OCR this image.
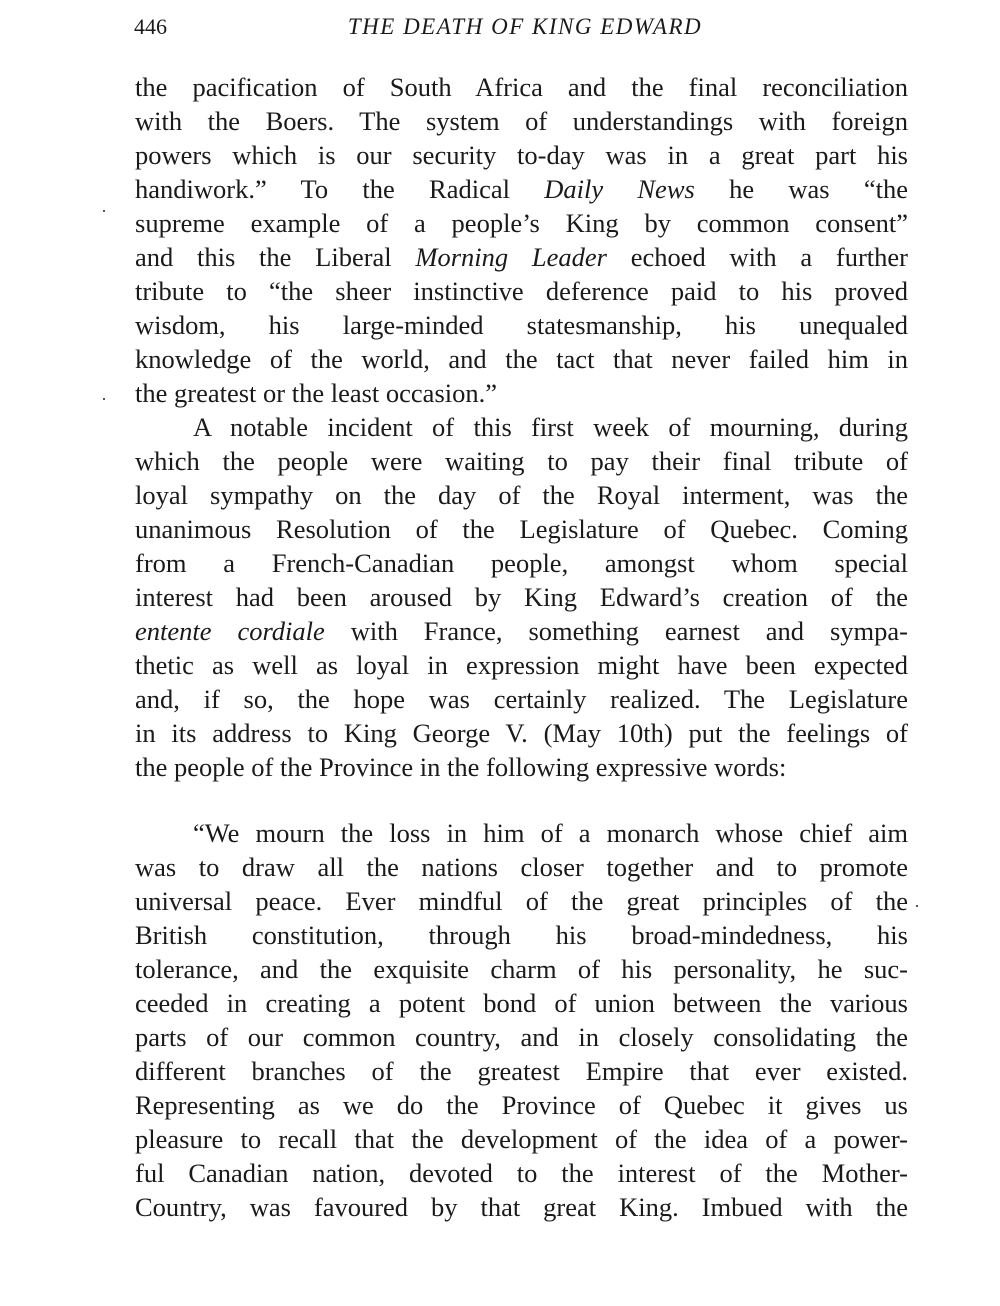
446	THE DEATH OF KING EDWARD
the pacification of South Africa and the final reconciliation
with the Boers. The system of understandings with foreign
powers which is our security to-day was in a great part his
handiwork.” To the Radical Daily News he was “the
supreme example of a people’s King by common consent”
and this the Liberal Morning Leader echoed with a further
tribute to “the sheer instinctive deference paid to his proved
wisdom, his large-minded statesmanship, his unequaled
knowledge of the world, and the tact that never failed him in
the greatest or the least occasion.”
A notable incident of this first week of mourning, during
which the people were waiting to pay their final tribute of
loyal sympathy on the day of the Royal interment, was the
unanimous Resolution of the Legislature of Quebec. Coming
from a French-Canadian people, amongst whom special
interest had been aroused by King Edward’s creation of the
entente cordiale with France, something earnest and sympa-
thetic as well as loyal in expression might have been expected
and, if so, the hope was certainly realized. The Legislature
in its address to King George V. (May 10th) put the feelings of
the people of the Province in the following expressive words:
“We mourn the loss in him of a monarch whose chief aim
was to draw all the nations closer together and to promote
universal peace. Ever mindful of the great principles of the
British constitution, through his broad-mindedness, his
tolerance, and the exquisite charm of his personality, he suc-
ceeded in creating a potent bond of union between the various
parts of our common country, and in closely consolidating the
different branches of the greatest Empire that ever existed.
Representing as we do the Province of Quebec it gives us
pleasure to recall that the development of the idea of a power-
ful Canadian nation, devoted to the interest of the Mother-
Country, was favoured by that great King. Imbued with the
